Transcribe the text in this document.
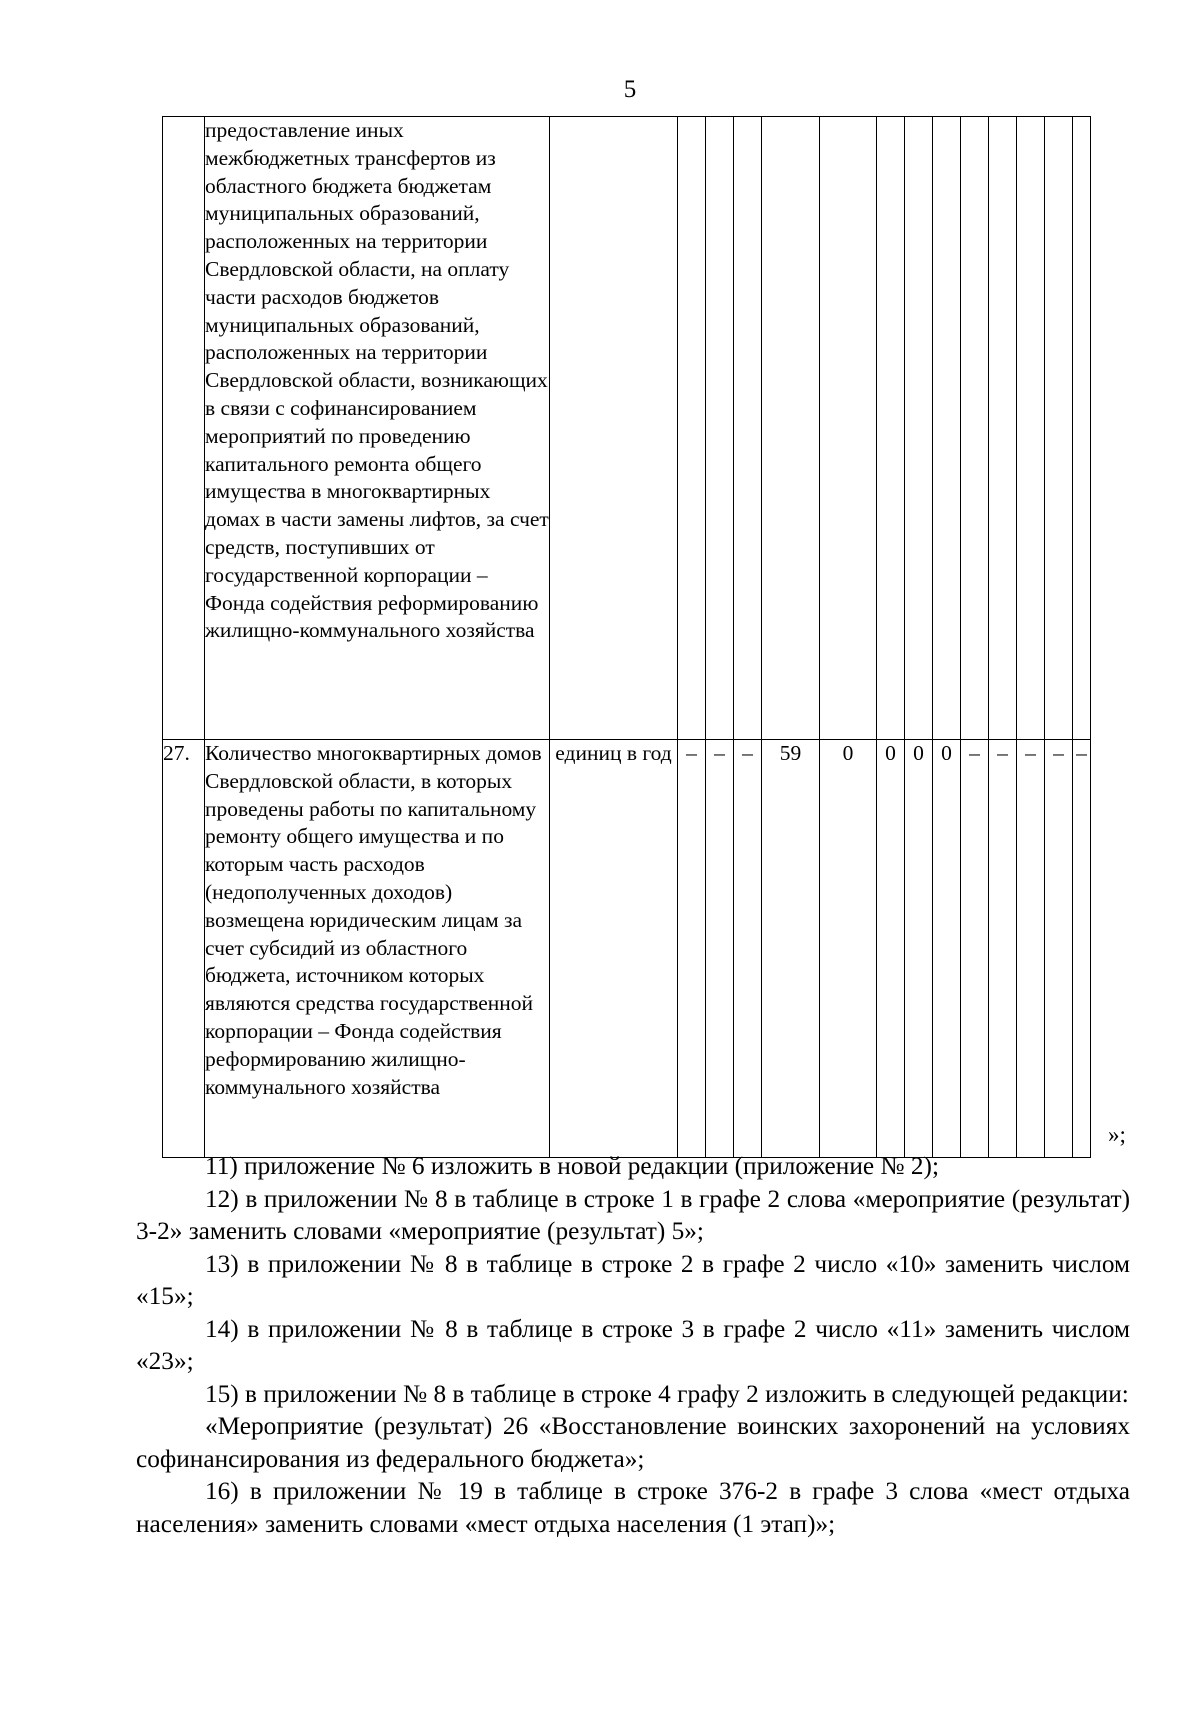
5
	предоставление иных межбюджетных трансфертов из областного бюджета бюджетам муниципальных образований, расположенных на территории Свердловской области, на оплату части расходов бюджетов муниципальных образований, расположенных на территории Свердловской области, возникающих в связи с софинансированием мероприятий по проведению капитального ремонта общего имущества в многоквартирных домах в части замены лифтов, за счет средств, поступивших от государственной корпорации – Фонда содействия реформированию жилищно-коммунального хозяйства														
27.	Количество многоквартирных домов Свердловской области, в которых проведены работы по капитальному ремонту общего имущества и по которым часть расходов (недополученных доходов) возмещена юридическим лицам за счет субсидий из областного бюджета, источником которых являются средства государственной корпорации – Фонда содействия реформированию жилищно-коммунального хозяйства	единиц в год	–	–	–	59	0	0	0	0	–	–	–	–	–
»;

11) приложение № 6 изложить в новой редакции (приложение № 2);

12) в приложении № 8 в таблице в строке 1 в графе 2 слова «мероприятие (результат) 3-2» заменить словами «мероприятие (результат) 5»;

13) в приложении № 8 в таблице в строке 2 в графе 2 число «10» заменить числом «15»;

14) в приложении № 8 в таблице в строке 3 в графе 2 число «11» заменить числом «23»;

15) в приложении № 8 в таблице в строке 4 графу 2 изложить в следующей редакции:

«Мероприятие (результат) 26 «Восстановление воинских захоронений на условиях софинансирования из федерального бюджета»;

16) в приложении № 19 в таблице в строке 376-2 в графе 3 слова «мест отдыха населения» заменить словами «мест отдыха населения (1 этап)»;
